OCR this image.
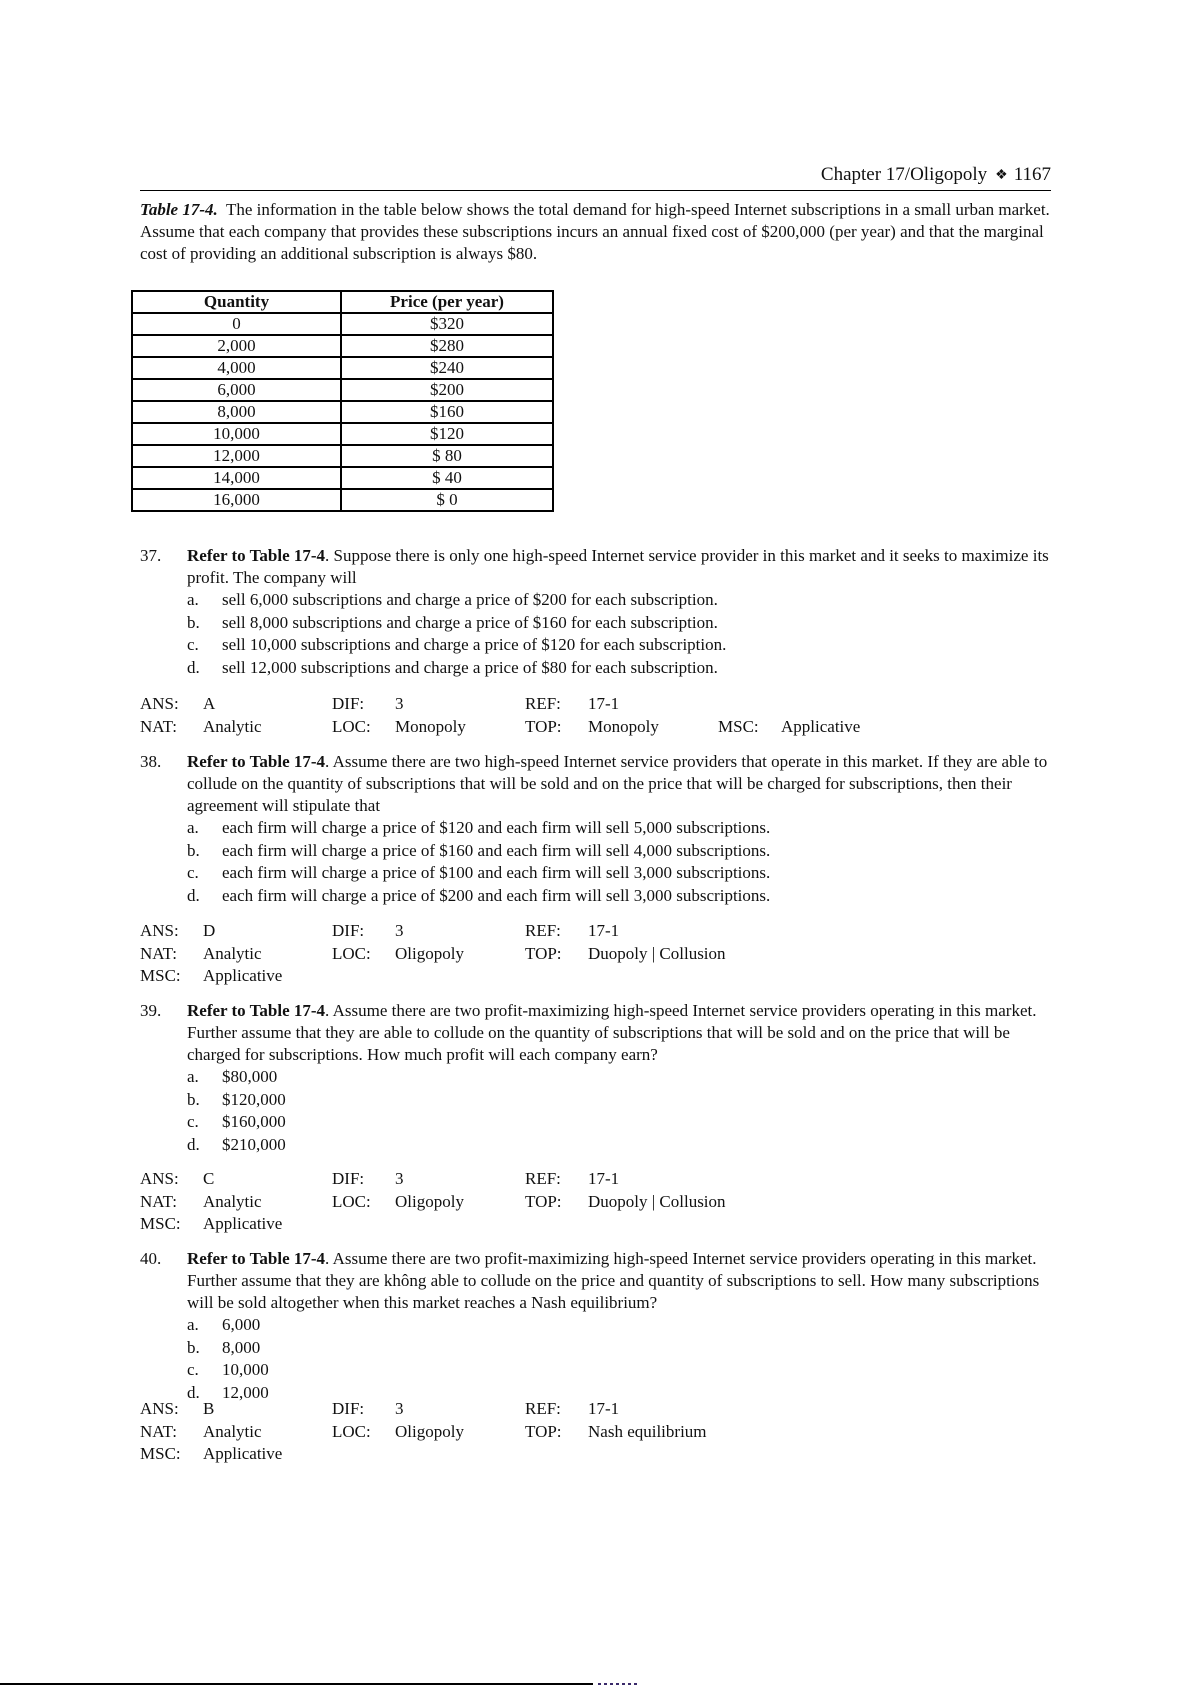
Chapter 17/Oligopoly ❖ 1167
Table 17-4. The information in the table below shows the total demand for high-speed Internet subscriptions in a small urban market. Assume that each company that provides these subscriptions incurs an annual fixed cost of $200,000 (per year) and that the marginal cost of providing an additional subscription is always $80.
Quantity	Price (per year)
0	$320
2,000	$280
4,000	$240
6,000	$200
8,000	$160
10,000	$120
12,000	$ 80
14,000	$ 40
16,000	$ 0
37. Refer to Table 17-4. Suppose there is only one high-speed Internet service provider in this market and it seeks to maximize its profit. The company will
a. sell 6,000 subscriptions and charge a price of $200 for each subscription.
b. sell 8,000 subscriptions and charge a price of $160 for each subscription.
c. sell 10,000 subscriptions and charge a price of $120 for each subscription.
d. sell 12,000 subscriptions and charge a price of $80 for each subscription.
ANS: A	DIF: 3	REF: 17-1
NAT: Analytic	LOC: Monopoly	TOP: Monopoly	MSC: Applicative
38. Refer to Table 17-4. Assume there are two high-speed Internet service providers that operate in this market. If they are able to collude on the quantity of subscriptions that will be sold and on the price that will be charged for subscriptions, then their agreement will stipulate that
a. each firm will charge a price of $120 and each firm will sell 5,000 subscriptions.
b. each firm will charge a price of $160 and each firm will sell 4,000 subscriptions.
c. each firm will charge a price of $100 and each firm will sell 3,000 subscriptions.
d. each firm will charge a price of $200 and each firm will sell 3,000 subscriptions.
ANS: D	DIF: 3	REF: 17-1
NAT: Analytic	LOC: Oligopoly	TOP: Duopoly | Collusion
MSC: Applicative
39. Refer to Table 17-4. Assume there are two profit-maximizing high-speed Internet service providers operating in this market. Further assume that they are able to collude on the quantity of subscriptions that will be sold and on the price that will be charged for subscriptions. How much profit will each company earn?
a. $80,000
b. $120,000
c. $160,000
d. $210,000
ANS: C	DIF: 3	REF: 17-1
NAT: Analytic	LOC: Oligopoly	TOP: Duopoly | Collusion
MSC: Applicative
40. Refer to Table 17-4. Assume there are two profit-maximizing high-speed Internet service providers operating in this market. Further assume that they are không able to collude on the price and quantity of subscriptions to sell. How many subscriptions will be sold altogether when this market reaches a Nash equilibrium?
a. 6,000
b. 8,000
c. 10,000
d. 12,000
ANS: B	DIF: 3	REF: 17-1
NAT: Analytic	LOC: Oligopoly	TOP: Nash equilibrium
MSC: Applicative
